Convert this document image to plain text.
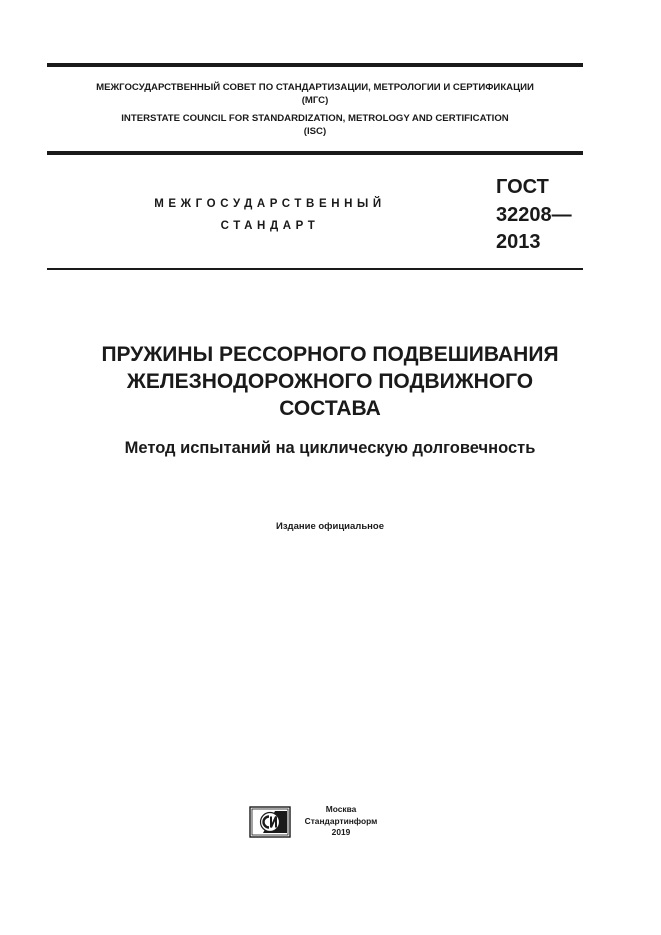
МЕЖГОСУДАРСТВЕННЫЙ СОВЕТ ПО СТАНДАРТИЗАЦИИ, МЕТРОЛОГИИ И СЕРТИФИКАЦИИ
(МГС)
INTERSTATE COUNCIL FOR STANDARDIZATION, METROLOGY AND CERTIFICATION
(ISC)
МЕЖГОСУДАРСТВЕННЫЙ
СТАНДАРТ
ГОСТ
32208—
2013
ПРУЖИНЫ РЕССОРНОГО ПОДВЕШИВАНИЯ
ЖЕЛЕЗНОДОРОЖНОГО ПОДВИЖНОГО
СОСТАВА
Метод испытаний на циклическую долговечность
Издание официальное
Москва
Стандартинформ
2019
